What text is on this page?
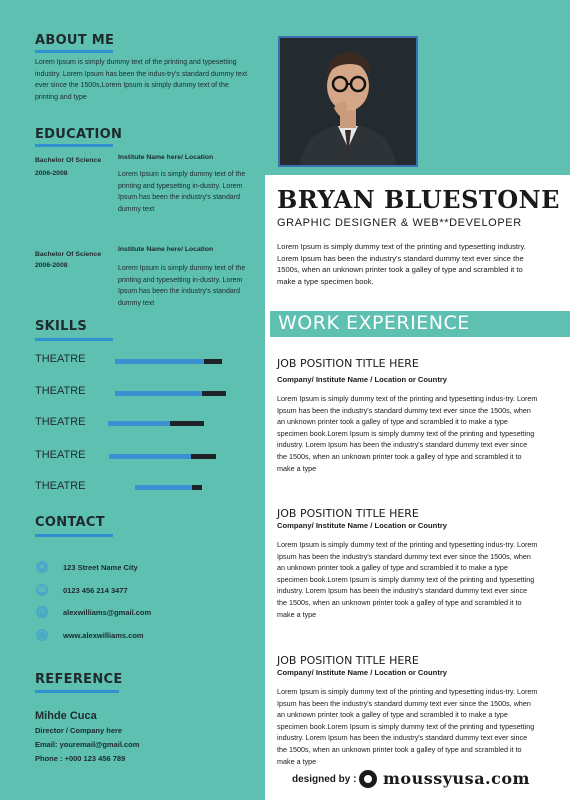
ABOUT ME
Lorem Ipsum is simply dummy text of the printing and typesetting industry. Lorem Ipsum has been the indus-try's standard dummy text ever since the 1500s,Lorem Ipsum is simply dummy text of the printing and type
EDUCATION
Bachelor Of Science
2006-2008
Institute Name here/ Location
Lorem Ipsum is simply dummy text of the printing and typesetting in-dustry. Lorem Ipsum has been the industry's standard dummy text
Bachelor Of Science
2006-2008
Institute Name here/ Location
Lorem Ipsum is simply dummy text of the printing and typesetting in-dustry. Lorem Ipsum has been the industry's standard dummy text
SKILLS
THEATRE
THEATRE
THEATRE
THEATRE
THEATRE
CONTACT
●	123 Street Name City
☎ 0123 456 214 3477
✉	alexwilliams@gmail.com
◯ www.alexwilliams.com
REFERENCE
Mihde Cuca
Director / Company here
Email: youremail@gmail.com
Phone : +000 123 456 789
BRYAN BLUESTONE
GRAPHIC DESIGNER & WEB**DEVELOPER
Lorem Ipsum is simply dummy text of the printing and typesetting industry. Lorem Ipsum has been the industry's standard dummy text ever since the 1500s, when an unknown printer took a galley of type and scrambled it to make a type specimen book.
WORK EXPERIENCE
JOB POSITION TITLE HERE
Company/ Institute Name / Location or Country
Lorem Ipsum is simply dummy text of the printing and typesetting indus-try. Lorem Ipsum has been the industry's standard dummy text ever since the 1500s, when an unknown printer took a galley of type and scrambled it to make a type specimen book.Lorem Ipsum is simply dummy text of the printing and typesetting industry. Lorem Ipsum has been the industry's standard dummy text ever since the 1500s, when an unknown printer took a galley of type and scrambled it to make a type
JOB POSITION TITLE HERE
Company/ Institute Name / Location or Country
Lorem Ipsum is simply dummy text of the printing and typesetting indus-try. Lorem Ipsum has been the industry's standard dummy text ever since the 1500s, when an unknown printer took a galley of type and scrambled it to make a type specimen book.Lorem Ipsum is simply dummy text of the printing and typesetting industry. Lorem Ipsum has been the industry's standard dummy text ever since the 1500s, when an unknown printer took a galley of type and scrambled it to make a type
JOB POSITION TITLE HERE
Company/ Institute Name / Location or Country
Lorem Ipsum is simply dummy text of the printing and typesetting indus-try. Lorem Ipsum has been the industry's standard dummy text ever since the 1500s, when an unknown printer took a galley of type and scrambled it to make a type specimen book.Lorem Ipsum is simply dummy text of the printing and typesetting industry. Lorem Ipsum has been the industry's standard dummy text ever since the 1500s, when an unknown printer took a galley of type and scrambled it to make a type
designed by : moussyusa.com
